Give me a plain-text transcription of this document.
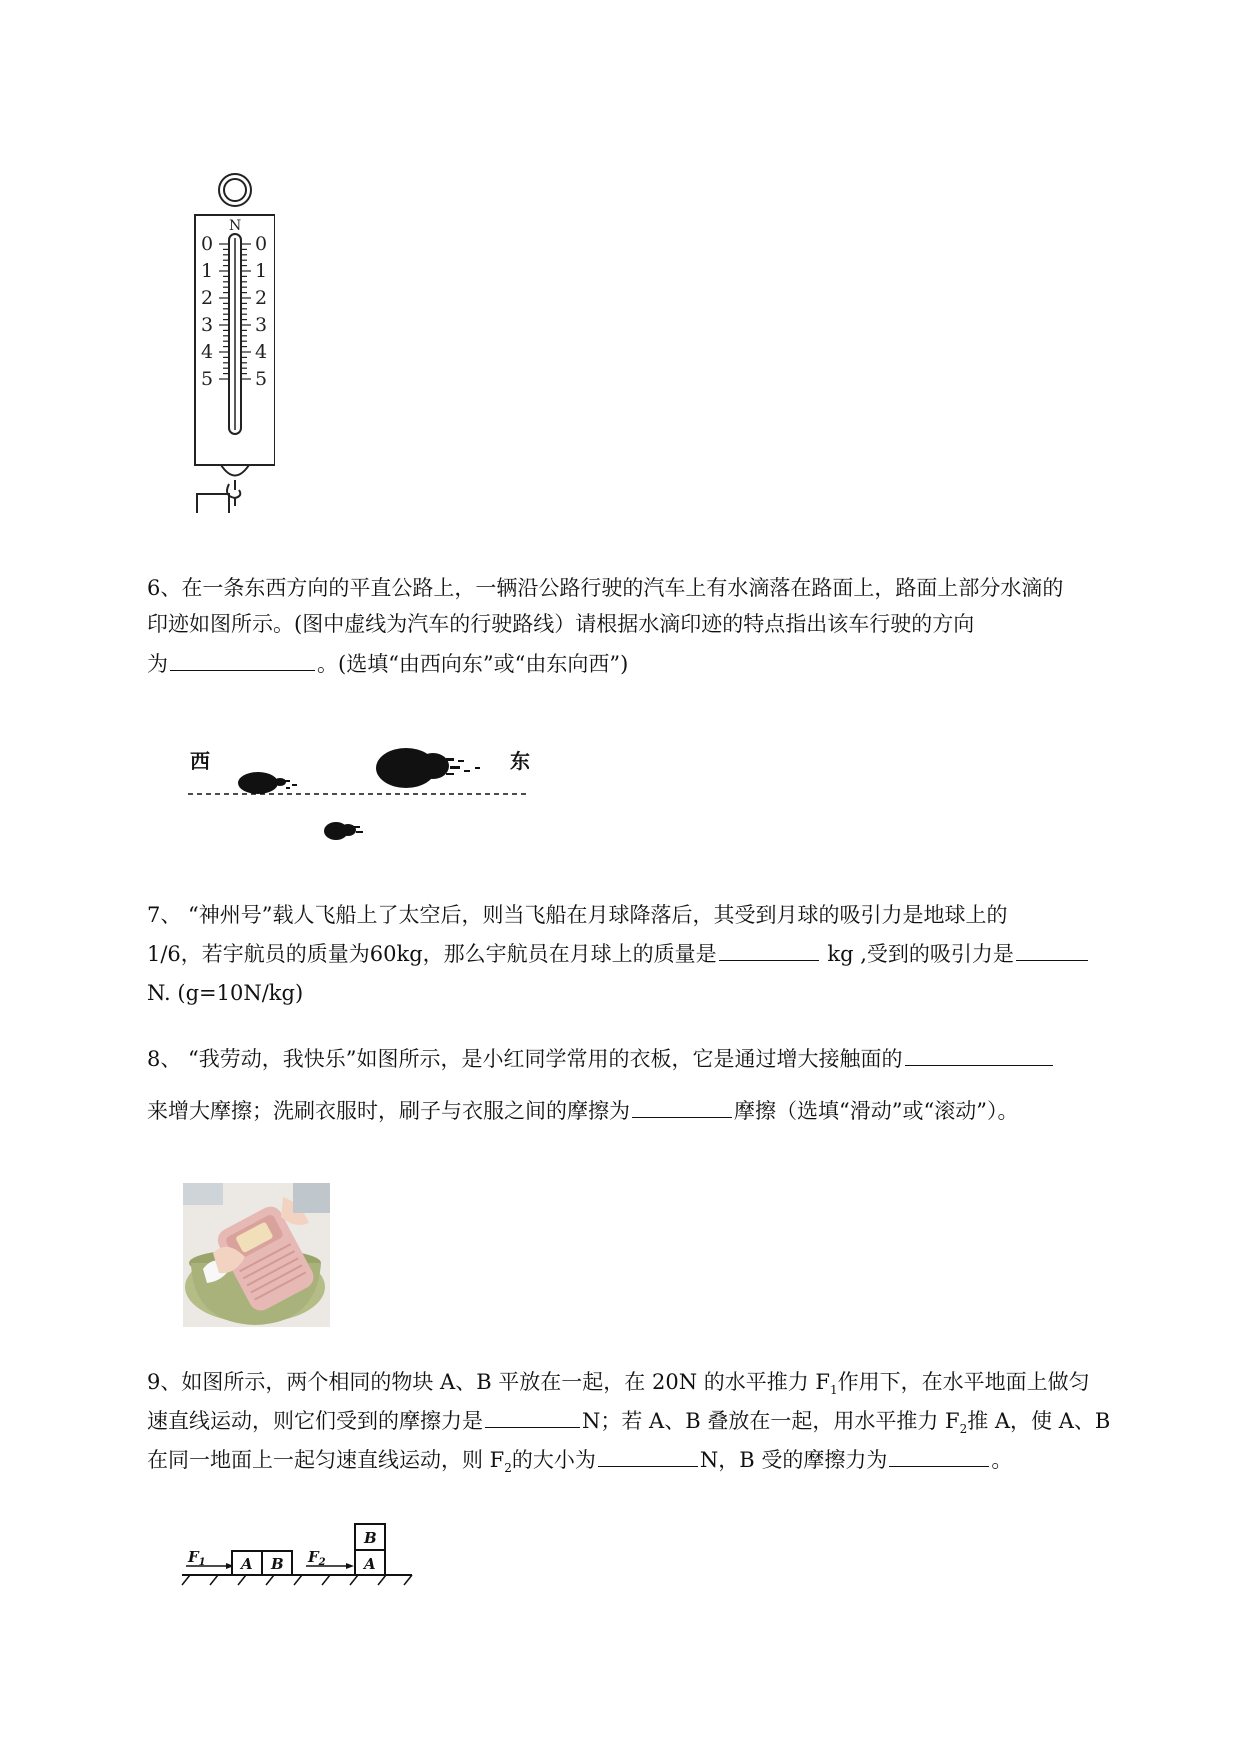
N
0
1
2
3
4
5
0
1
2
3
4
5
6、在一条东西方向的平直公路上，一辆沿公路行驶的汽车上有水滴落在路面上，路面上部分水滴的
印迹如图所示。(图中虚线为汽车的行驶路线）请根据水滴印迹的特点指出该车行驶的方向
为	。(选填“由西向东”或“由东向西”)
西	东
7、 “神州号”载人飞船上了太空后，则当飞船在月球降落后，其受到月球的吸引力是地球上的
1/6，若宇航员的质量为60kg，那么宇航员在月球上的质量是	kg ,受到的吸引力是
N. (g=10N/kg)
8、 “我劳动，我快乐”如图所示，是小红同学常用的衣板，它是通过增大接触面的
来增大摩擦；洗刷衣服时，刷子与衣服之间的摩擦为	摩擦（选填“滑动”或“滚动”）。
9、如图所示，两个相同的物块 A、B 平放在一起，在 20N 的水平推力 $F_1$作用下，在水平地面上做匀
速直线运动，则它们受到的摩擦力是	N；若 A、B 叠放在一起，用水平推力 $F_2$推 A，使 A、B
在同一地面上一起匀速直线运动，则 $F_2$的大小为	N，B 受的摩擦力为	。
$F_1$ A B $F_2$
B
A
